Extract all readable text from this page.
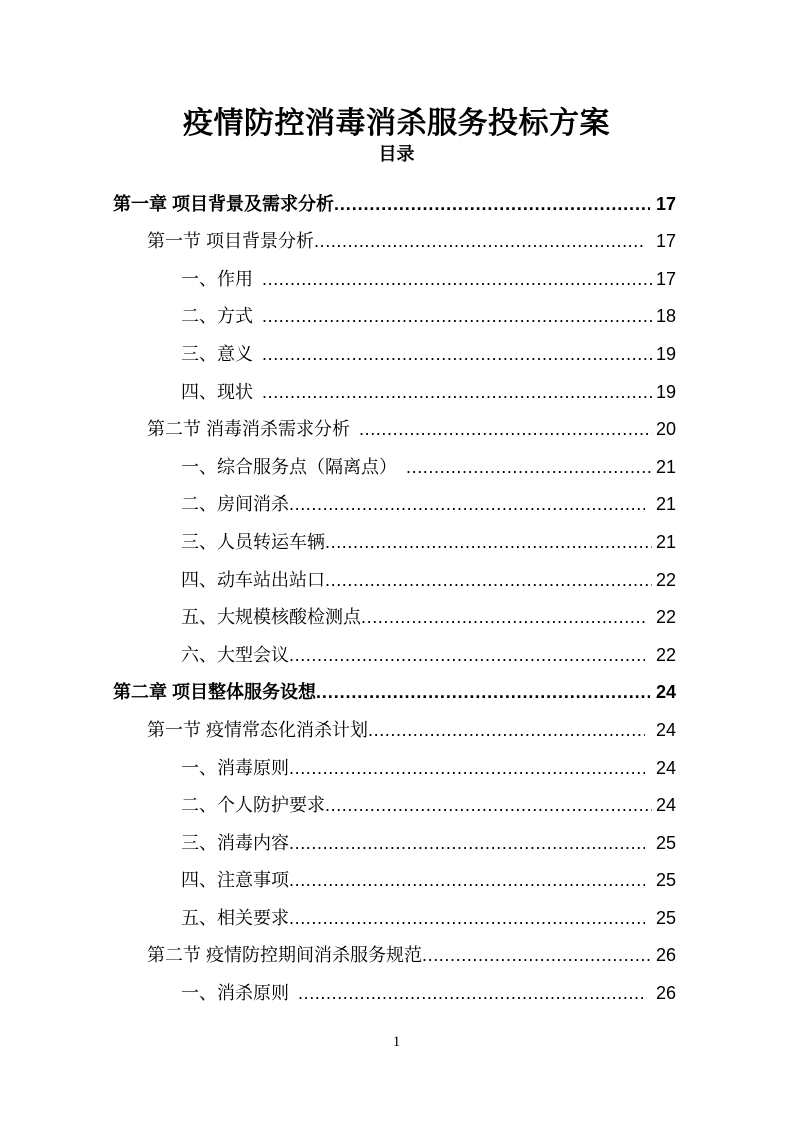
疫情防控消毒消杀服务投标方案
目录
第一章 项目背景及需求分析 .....	17
第一节 项目背景分析 .....	17
一、作用 .....	17
二、方式 .....	18
三、意义 .....	19
四、现状 .....	19
第二节 消毒消杀需求分析 .....	20
一、综合服务点（隔离点） .....	21
二、房间消杀 .....	21
三、人员转运车辆 .....	21
四、动车站出站口 .....	22
五、大规模核酸检测点 .....	22
六、大型会议 .....	22
第二章 项目整体服务设想 .....	24
第一节 疫情常态化消杀计划 .....	24
一、消毒原则 .....	24
二、个人防护要求 .....	24
三、消毒内容 .....	25
四、注意事项 .....	25
五、相关要求 .....	25
第二节 疫情防控期间消杀服务规范 .....	26
一、消杀原则 .....	26
1
